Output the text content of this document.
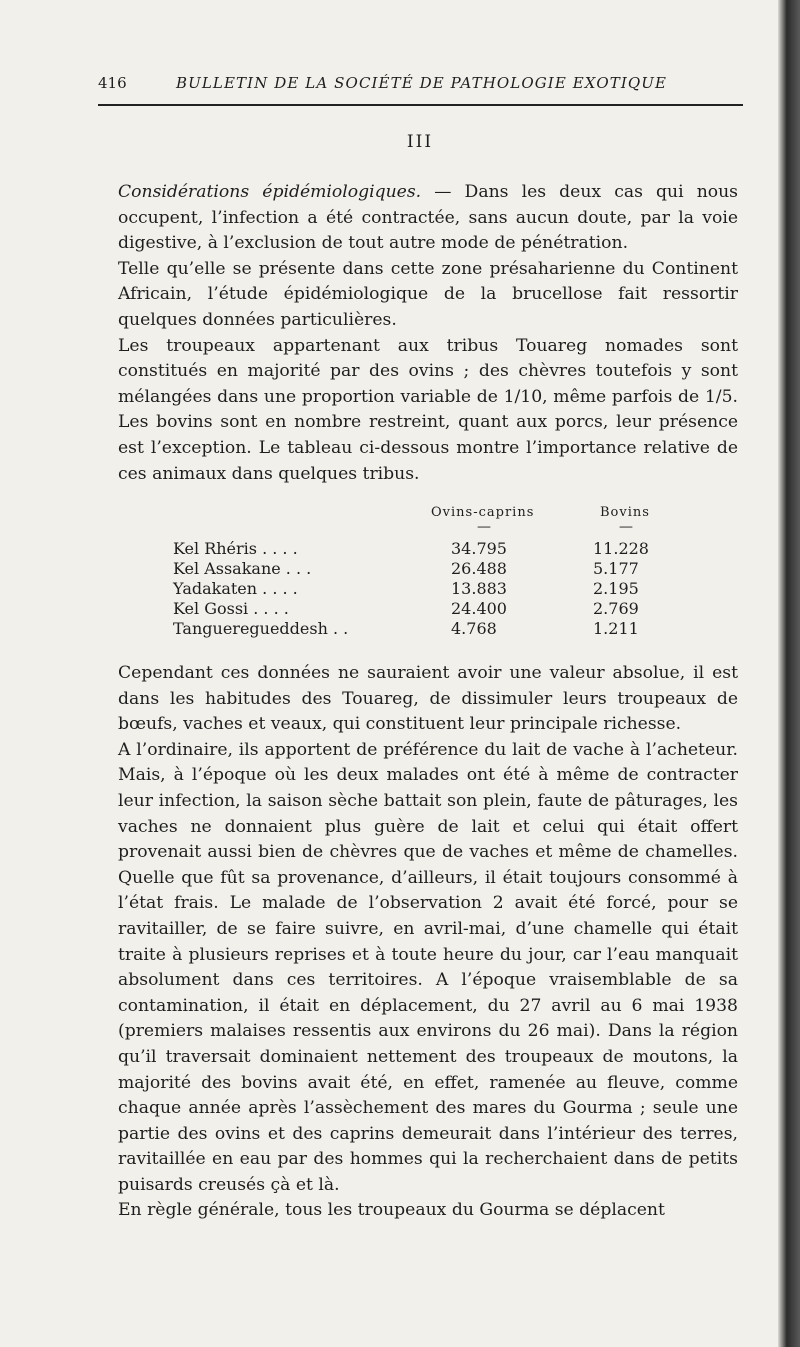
416	BULLETIN DE LA SOCIÉTÉ DE PATHOLOGIE EXOTIQUE
III

Considérations épidémiologiques. — Dans les deux cas qui nous occupent, l’infection a été contractée, sans aucun doute, par la voie digestive, à l’exclusion de tout autre mode de pénétration.

Telle qu’elle se présente dans cette zone présaharienne du Continent Africain, l’étude épidémiologique de la brucellose fait ressortir quelques données particulières.

Les troupeaux appartenant aux tribus Touareg nomades sont constitués en majorité par des ovins ; des chèvres toutefois y sont mélangées dans une proportion variable de 1/10, même parfois de 1/5. Les bovins sont en nombre restreint, quant aux porcs, leur présence est l’exception. Le tableau ci-dessous montre l’importance relative de ces animaux dans quelques tribus.

Ovins-caprins	Bovins
—	—
Kel Rhéris . . . .	34.795	11.228
Kel Assakane . . .	26.488	5.177
Yadakaten . . . .	13.883	2.195
Kel Gossi . . . .	24.400	2.769
Tangueregueddesh . .	4.768	1.211

Cependant ces données ne sauraient avoir une valeur absolue, il est dans les habitudes des Touareg, de dissimuler leurs troupeaux de bœufs, vaches et veaux, qui constituent leur principale richesse.

A l’ordinaire, ils apportent de préférence du lait de vache à l’acheteur. Mais, à l’époque où les deux malades ont été à même de contracter leur infection, la saison sèche battait son plein, faute de pâturages, les vaches ne donnaient plus guère de lait et celui qui était offert provenait aussi bien de chèvres que de vaches et même de chamelles. Quelle que fût sa provenance, d’ailleurs, il était toujours consommé à l’état frais. Le malade de l’observation 2 avait été forcé, pour se ravitailler, de se faire suivre, en avril-mai, d’une chamelle qui était traite à plusieurs reprises et à toute heure du jour, car l’eau manquait absolument dans ces territoires. A l’époque vraisemblable de sa contamination, il était en déplacement, du 27 avril au 6 mai 1938 (premiers malaises ressentis aux environs du 26 mai). Dans la région qu’il traversait dominaient nettement des troupeaux de moutons, la majorité des bovins avait été, en effet, ramenée au fleuve, comme chaque année après l’assèchement des mares du Gourma ; seule une partie des ovins et des caprins demeurait dans l’intérieur des terres, ravitaillée en eau par des hommes qui la recherchaient dans de petits puisards creusés çà et là.

En règle générale, tous les troupeaux du Gourma se déplacent
